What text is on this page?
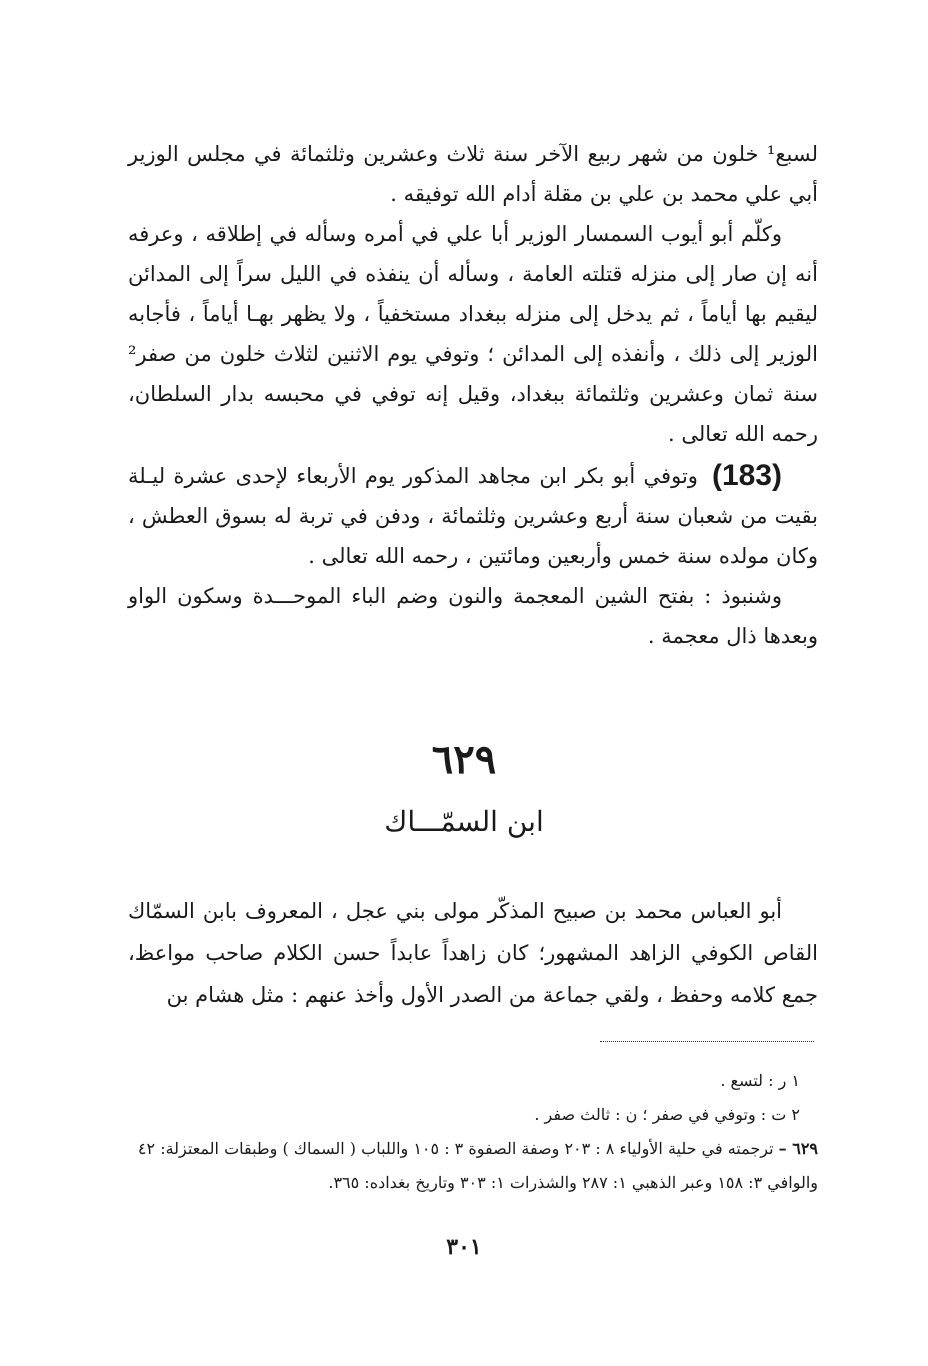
لسبع¹ خلون من شهر ربيع الآخر سنة ثلاث وعشرين وثلثمائة في مجلس الوزير أبي علي محمد بن علي بن مقلة أدام الله توفيقه .

وكلّم أبو أيوب السمسار الوزير أبا علي في أمره وسأله في إطلاقه ، وعرفه أنه إن صار إلى منزله قتلته العامة ، وسأله أن ينفذه في الليل سراً إلى المدائن ليقيم بها أياماً ، ثم يدخل إلى منزله ببغداد مستخفياً ، ولا يظهر بهـا أياماً ، فأجابه الوزير إلى ذلك ، وأنفذه إلى المدائن ؛ وتوفي يوم الاثنين لثلاث خلون من صفر² سنة ثمان وعشرين وثلثمائة ببغداد، وقيل إنه توفي في محبسه بدار السلطان، رحمه الله تعالى .

(183)وتوفي أبو بكر ابن مجاهد المذكور يوم الأربعاء لإحدى عشرة ليـلة بقيت من شعبان سنة أربع وعشرين وثلثمائة ، ودفن في تربة له بسوق العطش ، وكان مولده سنة خمس وأربعين ومائتين ، رحمه الله تعالى .

وشنبوذ : بفتح الشين المعجمة والنون وضم الباء الموحـــدة وسكون الواو وبعدها ذال معجمة .

٦٢٩
ابن السمّـــاك

أبو العباس محمد بن صبيح المذكّر مولى بني عجل ، المعروف بابن السمّاك القاص الكوفي الزاهد المشهور؛ كان زاهداً عابداً حسن الكلام صاحب مواعظ، جمع كلامه وحفظ ، ولقي جماعة من الصدر الأول وأخذ عنهم : مثل هشام بن

١ ر : لتسع .

٢ ت : وتوفي في صفر ؛ ن : ثالث صفر .

٦٢٩ – ترجمته في حلية الأولياء ٨ : ٢٠٣ وصفة الصفوة ٣ : ١٠٥ واللباب ( السماك ) وطبقات المعتزلة: ٤٢ والوافي ٣: ١٥٨ وعبر الذهبي ١: ٢٨٧ والشذرات ١: ٣٠٣ وتاريخ بغداده: ٣٦٥.

٣٠١
